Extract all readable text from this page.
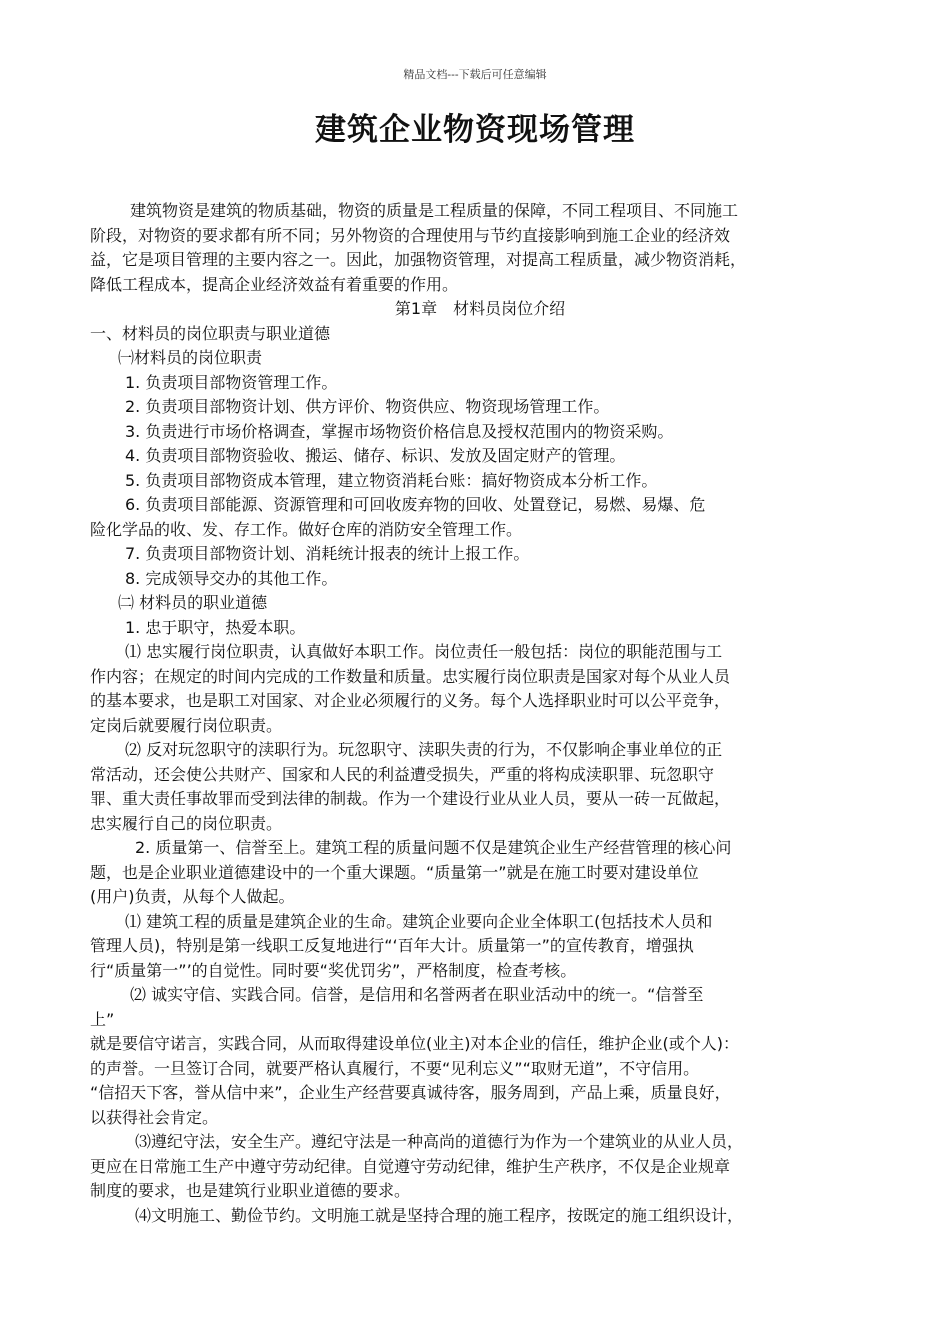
精品文档---下载后可任意编辑
建筑企业物资现场管理
建筑物资是建筑的物质基础，物资的质量是工程质量的保障，不同工程项目、不同施工
阶段，对物资的要求都有所不同；另外物资的合理使用与节约直接影响到施工企业的经济效
益，它是项目管理的主要内容之一。因此，加强物资管理，对提高工程质量，减少物资消耗，
降低工程成本，提高企业经济效益有着重要的作用。
第1章　材料员岗位介绍
一、材料员的岗位职责与职业道德
㈠材料员的岗位职责
1. 负责项目部物资管理工作。
2. 负责项目部物资计划、供方评价、物资供应、物资现场管理工作。
3. 负责进行市场价格调查，掌握市场物资价格信息及授权范围内的物资采购。
4. 负责项目部物资验收、搬运、储存、标识、发放及固定财产的管理。
5. 负责项目部物资成本管理，建立物资消耗台账：搞好物资成本分析工作。
6. 负责项目部能源、资源管理和可回收废弃物的回收、处置登记，易燃、易爆、危
险化学品的收、发、存工作。做好仓库的消防安全管理工作。
7. 负责项目部物资计划、消耗统计报表的统计上报工作。
8. 完成领导交办的其他工作。
㈡ 材料员的职业道德
1. 忠于职守，热爱本职。
⑴ 忠实履行岗位职责，认真做好本职工作。岗位责任一般包括：岗位的职能范围与工
作内容；在规定的时间内完成的工作数量和质量。忠实履行岗位职责是国家对每个从业人员
的基本要求，也是职工对国家、对企业必须履行的义务。每个人选择职业时可以公平竞争，
定岗后就要履行岗位职责。
⑵ 反对玩忽职守的渎职行为。玩忽职守、渎职失责的行为，不仅影响企事业单位的正
常活动，还会使公共财产、国家和人民的利益遭受损失，严重的将构成渎职罪、玩忽职守
罪、重大责任事故罪而受到法律的制裁。作为一个建设行业从业人员，要从一砖一瓦做起，
忠实履行自己的岗位职责。
2. 质量第一、信誉至上。建筑工程的质量问题不仅是建筑企业生产经营管理的核心问
题，也是企业职业道德建设中的一个重大课题。“质量第一”就是在施工时要对建设单位
(用户)负责，从每个人做起。
⑴ 建筑工程的质量是建筑企业的生命。建筑企业要向企业全体职工(包括技术人员和
管理人员)，特别是第一线职工反复地进行“‘百年大计。质量第一”的宣传教育，增强执
行“质量第一”’的自觉性。同时要“奖优罚劣”，严格制度，检查考核。
⑵ 诚实守信、实践合同。信誉，是信用和名誉两者在职业活动中的统一。“信誉至
上”
就是要信守诺言，实践合同，从而取得建设单位(业主)对本企业的信任，维护企业(或个人)：
的声誉。一旦签订合同，就要严格认真履行，不要“见利忘义”“取财无道”，不守信用。
“信招天下客，誉从信中来”，企业生产经营要真诚待客，服务周到，产品上乘，质量良好，
以获得社会肯定。
⑶遵纪守法，安全生产。遵纪守法是一种高尚的道德行为作为一个建筑业的从业人员，
更应在日常施工生产中遵守劳动纪律。自觉遵守劳动纪律，维护生产秩序，不仅是企业规章
制度的要求，也是建筑行业职业道德的要求。
⑷文明施工、勤俭节约。文明施工就是坚持合理的施工程序，按既定的施工组织设计，
